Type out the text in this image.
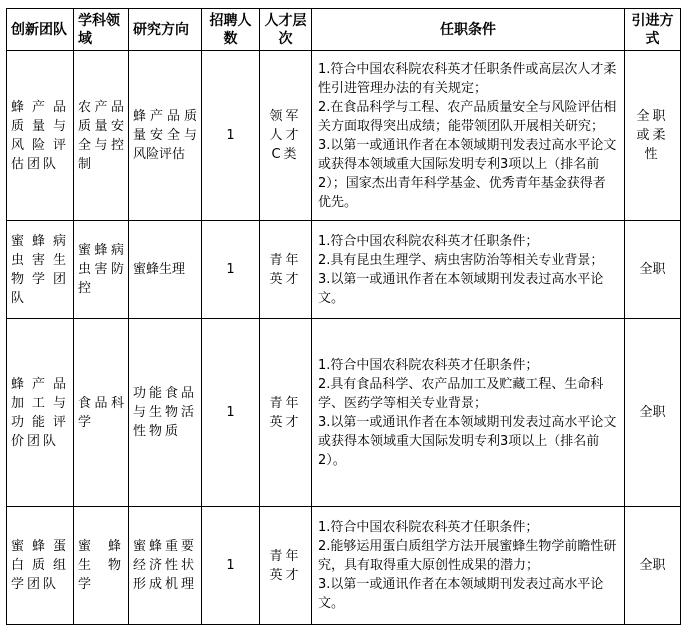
创新团队	学科领域	研究方向	招聘人数	人才层次	任职条件	引进方式
蜂产品质量与风险评估团队	农产品质量安全与控制	蜂产品质量安全与风险评估	1	领军人才C类	1.符合中国农科院农科英才任职条件或高层次人才柔性引进管理办法的有关规定；
2.在食品科学与工程、农产品质量安全与风险评估相关方面取得突出成绩；能带领团队开展相关研究；
3.以第一或通讯作者在本领域期刊发表过高水平论文或获得本领域重大国际发明专利3项以上（排名前2）；国家杰出青年科学基金、优秀青年基金获得者优先。	全职或柔性
蜜蜂病虫害生物学团队	蜜蜂病虫害防控	蜜蜂生理	1	青年英才	1.符合中国农科院农科英才任职条件；
2.具有昆虫生理学、病虫害防治等相关专业背景；
3.以第一或通讯作者在本领域期刊发表过高水平论文。	全职
蜂产品加工与功能评价团队	食品科学	功能食品与生物活性物质	1	青年英才	1.符合中国农科院农科英才任职条件；
2.具有食品科学、农产品加工及贮藏工程、生命科学、医药学等相关专业背景；
3.以第一或通讯作者在本领域期刊发表过高水平论文或获得本领域重大国际发明专利3项以上（排名前2）。	全职
蜜蜂蛋白质组学团队	蜜蜂生物学	蜜蜂重要经济性状形成机理	1	青年英才	1.符合中国农科院农科英才任职条件；
2.能够运用蛋白质组学方法开展蜜蜂生物学前瞻性研究，具有取得重大原创性成果的潜力；
3.以第一或通讯作者在本领域期刊发表过高水平论文。	全职
